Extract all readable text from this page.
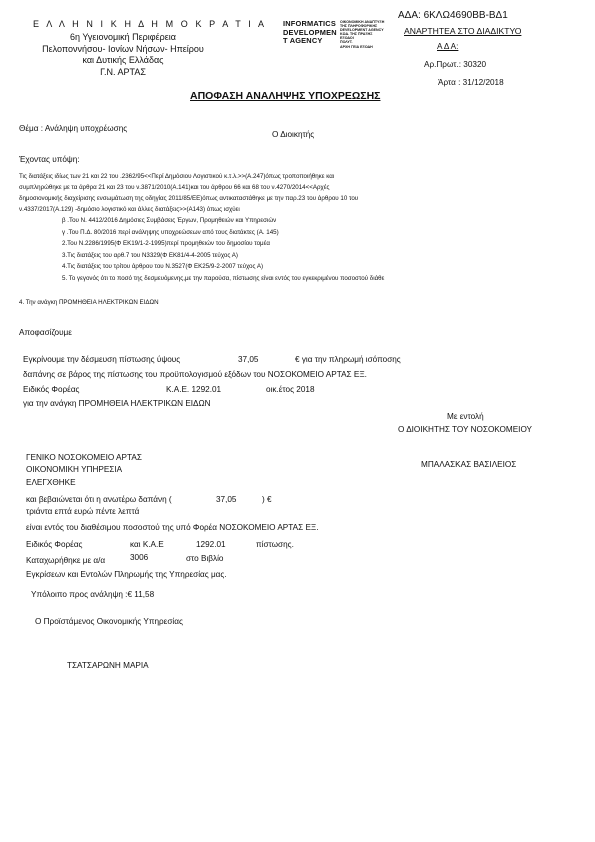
Ε Λ Λ Η Ν Ι Κ Η Δ Η Μ Ο Κ Ρ Α Τ Ι Α
6η Υγειονομική Περιφέρεια
Πελοποννήσου- Ιονίων Νήσων- Ηπείρου
και Δυτικής Ελλάδας
Γ.Ν. ΑΡΤΑΣ
INFORMATICS
DEVELOPMEN
T AGENCY
ΟΙΚΟΝΟΜΙΚΗ ΑΝΑΠΤΥΞΗ
ΤΗΣ ΠΛΗΡΟΦΟΡΙΚΗΣ
DEVELOPMENT AGENCY
ΚΩΔ. ΤΗΣ ΠΡΑΞΗΣ
ΕΞΟΔΟΙ
ΠΟΛΥΤ.
ΑΡΧΗ ΓΕΙΑ ΕΞΟΔΗ
ΑΔΑ: 6ΚΛΩ4690ΒΒ-ΒΔ1
ΑΝΑΡΤΗΤΕΑ ΣΤΟ ΔΙΑΔΙΚΤΥΟ
Α Δ Α:
Αρ.Πρωτ.: 30320
Άρτα : 31/12/2018
ΑΠΟΦΑΣΗ ΑΝΑΛΗΨΗΣ ΥΠΟΧΡΕΩΣΗΣ
Θέμα : Ανάληψη υποχρέωσης
Ο Διοικητής
Έχοντας υπόψη:
Τις διατάξεις ιδίως των 21 και 22 του .2362/95<<Περί Δημόσιου Λογιστικού κ.τ.λ.>>(Α.247)όπως τροποποιήθηκε και
συμπληρώθηκε με τα άρθρα 21 και 23 του ν.3871/2010(Α.141)και του άρθρου 66 και 68 του ν.4270/2014<<Αρχές
δημοσιονομικής διαχείρισης ενσωμάτωση της οδηγίας 2011/85/ΕΕ)όπως αντικαταστάθηκε με την παρ.23 του άρθρου 10 του
ν.4337/2017(Α.129) -δημόσιο λογιστικό και άλλες διατάξεις>>(Α143) όπως ισχύει
β .Του Ν. 4412/2016 Δημόσιες Συμβάσεις Έργων, Προμηθειών και Υπηρεσιών
γ .Του Π.Δ. 80/2016 περί ανάληψης υποχρεώσεων από τους διατάκτες (Α. 145)
2.Του Ν.2286/1995(Φ ΕΚ19/1-2-1995)περί προμηθειών του δημοσίου τομέα
3.Τις διατάξεις του αρθ.7 του Ν3329(Φ ΕΚ81/4-4-2005 τεύχος Α)
4.Τις διατάξεις του τρίτου άρθρου του Ν.3527(Φ ΕΚ25/9-2-2007 τεύχος Α)
5. Το γεγονός ότι το ποσό της δεσμευόμενης,με την παρούσα, πίστωσης είναι εντός του εγκεκριμένου ποσοστού διάθε
4. Την ανάγκη ΠΡΟΜΗΘΕΙΑ ΗΛΕΚΤΡΙΚΩΝ ΕΙΔΩΝ
Αποφασίζουμε
Εγκρίνουμε την δέσμευση πίστωσης ύψους	37,05	€ για την πληρωμή ισόποσης
δαπάνης σε βάρος της πίστωσης του προϋπολογισμού εξόδων του ΝΟΣΟΚΟΜΕΙΟ ΑΡΤΑΣ ΕΞ.
Ειδικός Φορέας	Κ.Α.Ε. 1292.01	οικ.έτος 2018
για την ανάγκη ΠΡΟΜΗΘΕΙΑ ΗΛΕΚΤΡΙΚΩΝ ΕΙΔΩΝ
Με εντολή
Ο ΔΙΟΙΚΗΤΗΣ ΤΟΥ ΝΟΣΟΚΟΜΕΙΟΥ
ΓΕΝΙΚΟ ΝΟΣΟΚΟΜΕΙΟ ΑΡΤΑΣ
ΜΠΑΛΑΣΚΑΣ ΒΑΣΙΛΕΙΟΣ
ΟΙΚΟΝΟΜΙΚΗ ΥΠΗΡΕΣΙΑ
ΕΛΕΓΧΘΗΚΕ
και βεβαιώνεται ότι η ανωτέρω δαπάνη (	37,05	) €
τριάντα επτά ευρώ πέντε λεπτά
είναι εντός του διαθέσιμου ποσοστού της υπό Φορέα ΝΟΣΟΚΟΜΕΙΟ ΑΡΤΑΣ ΕΞ.
Ειδικός Φορέας	και Κ.Α.Ε	1292.01	πίστωσης.
Καταχωρήθηκε με α/α	3006	στο Βιβλίο
Εγκρίσεων και Εντολών Πληρωμής της Υπηρεσίας μας.
Υπόλοιπο προς ανάληψη :€ 11,58
Ο Προϊστάμενος Οικονομικής Υπηρεσίας
ΤΣΑΤΣΑΡΩΝΗ ΜΑΡΙΑ
